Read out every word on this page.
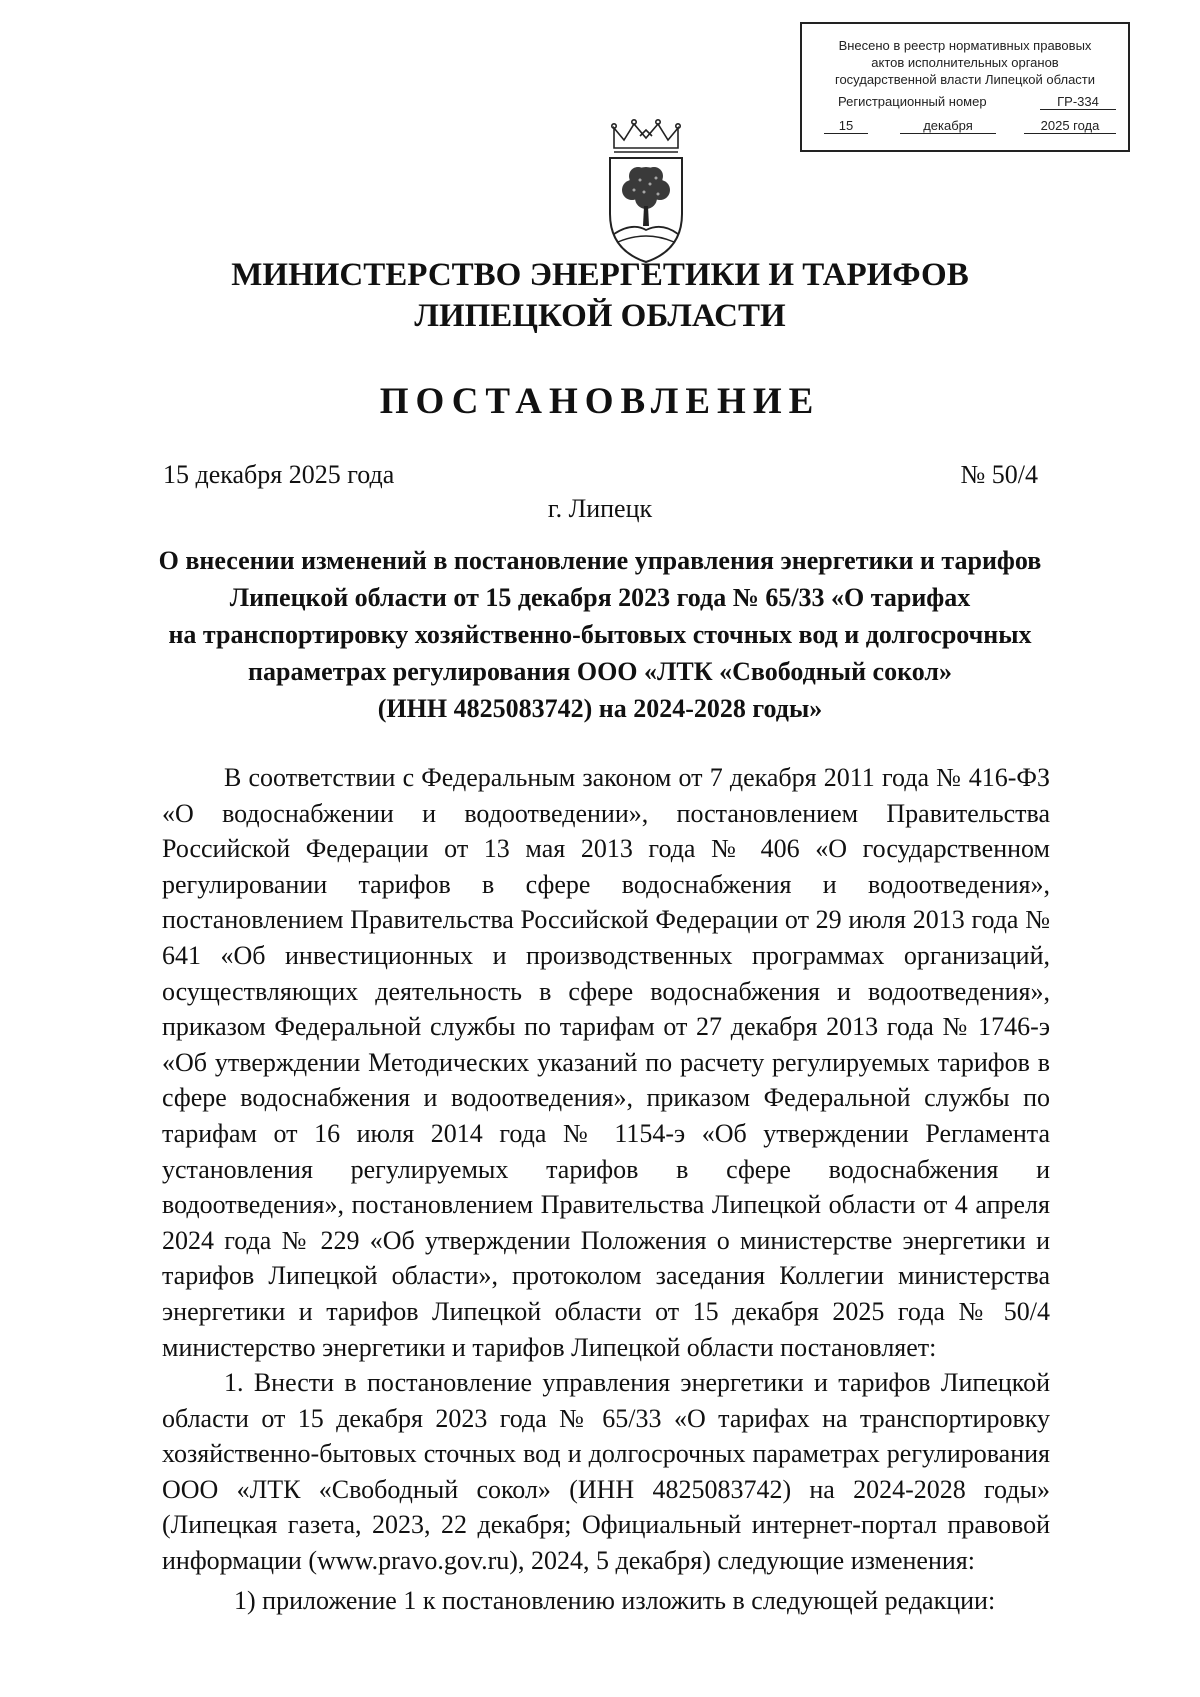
Внесено в реестр нормативных правовых
актов исполнительных органов
государственной власти Липецкой области
Регистрационный номер	ГР-334
15	декабря	2025 года
МИНИСТЕРСТВО ЭНЕРГЕТИКИ И ТАРИФОВ
ЛИПЕЦКОЙ ОБЛАСТИ
ПОСТАНОВЛЕНИЕ
15 декабря 2025 года	№ 50/4
г. Липецк
О внесении изменений в постановление управления энергетики и тарифов
Липецкой области от 15 декабря 2023 года № 65/33 «О тарифах
на транспортировку хозяйственно-бытовых сточных вод и долгосрочных
параметрах регулирования ООО «ЛТК «Свободный сокол»
(ИНН 4825083742) на 2024-2028 годы»

В соответствии с Федеральным законом от 7 декабря 2011 года № 416-ФЗ «О водоснабжении и водоотведении», постановлением Правительства Российской Федерации от 13 мая 2013 года № 406 «О государственном регулировании тарифов в сфере водоснабжения и водоотведения», постановлением Правительства Российской Федерации от 29 июля 2013 года № 641 «Об инвестиционных и производственных программах организаций, осуществляющих деятельность в сфере водоснабжения и водоотведения», приказом Федеральной службы по тарифам от 27 декабря 2013 года № 1746-э «Об утверждении Методических указаний по расчету регулируемых тарифов в сфере водоснабжения и водоотведения», приказом Федеральной службы по тарифам от 16 июля 2014 года № 1154-э «Об утверждении Регламента установления регулируемых тарифов в сфере водоснабжения и водоотведения», постановлением Правительства Липецкой области от 4 апреля 2024 года № 229 «Об утверждении Положения о министерстве энергетики и тарифов Липецкой области», протоколом заседания Коллегии министерства энергетики и тарифов Липецкой области от 15 декабря 2025 года № 50/4 министерство энергетики и тарифов Липецкой области постановляет:

1. Внести в постановление управления энергетики и тарифов Липецкой области от 15 декабря 2023 года № 65/33 «О тарифах на транспортировку хозяйственно-бытовых сточных вод и долгосрочных параметрах регулирования ООО «ЛТК «Свободный сокол» (ИНН 4825083742) на 2024-2028 годы» (Липецкая газета, 2023, 22 декабря; Официальный интернет-портал правовой информации (www.pravo.gov.ru), 2024, 5 декабря) следующие изменения:

1) приложение 1 к постановлению изложить в следующей редакции:
